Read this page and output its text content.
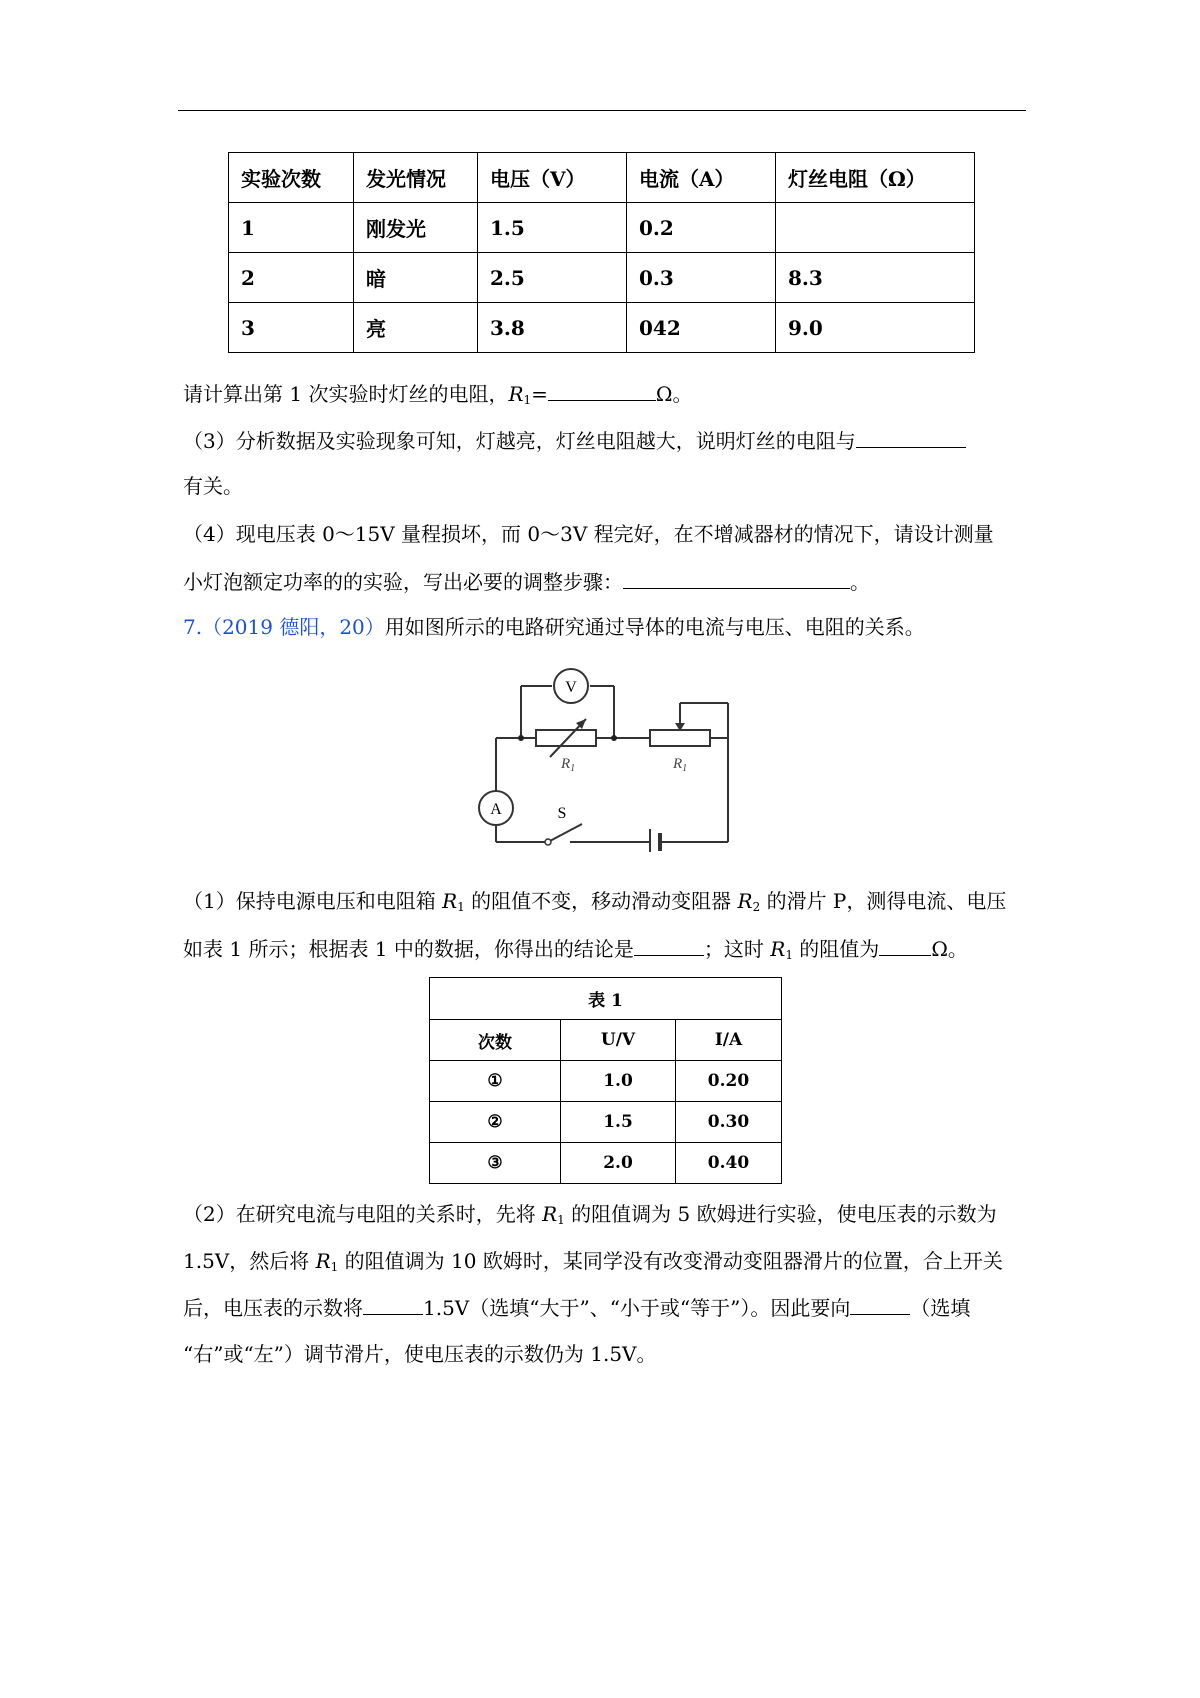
实验次数	发光情况	电压（V）	电流（A）	灯丝电阻（Ω）
1	刚发光	1.5	0.2	
2	暗	2.5	0.3	8.3
3	亮	3.8	042	9.0
请计算出第 1 次实验时灯丝的电阻，$R_1=$	Ω。
（3）分析数据及实验现象可知，灯越亮，灯丝电阻越大，说明灯丝的电阻与
有关。
（4）现电压表 0～15V 量程损坏，而 0～3V 程完好，在不增减器材的情况下，请设计测量
小灯泡额定功率的的实验，写出必要的调整步骤：	。
7.（2019 德阳，20）用如图所示的电路研究通过导体的电流与电压、电阻的关系。
V
A	S
$R_1$	$R_1$
（1）保持电源电压和电阻箱 $R_1$ 的阻值不变，移动滑动变阻器 $R_2$ 的滑片 P，测得电流、电压
如表 1 所示；根据表 1 中的数据，你得出的结论是	；这时 $R_1$ 的阻值为	Ω。
表 1		
次数	U/V	I/A
①	1.0	0.20
②	1.5	0.30
③	2.0	0.40
（2）在研究电流与电阻的关系时，先将 $R_1$ 的阻值调为 5 欧姆进行实验，使电压表的示数为
1.5V，然后将 $R_1$ 的阻值调为 10 欧姆时，某同学没有改变滑动变阻器滑片的位置，合上开关
后，电压表的示数将	1.5V（选填“大于”、“小于或“等于”）。因此要向	（选填
“右”或“左”）调节滑片，使电压表的示数仍为 1.5V。
